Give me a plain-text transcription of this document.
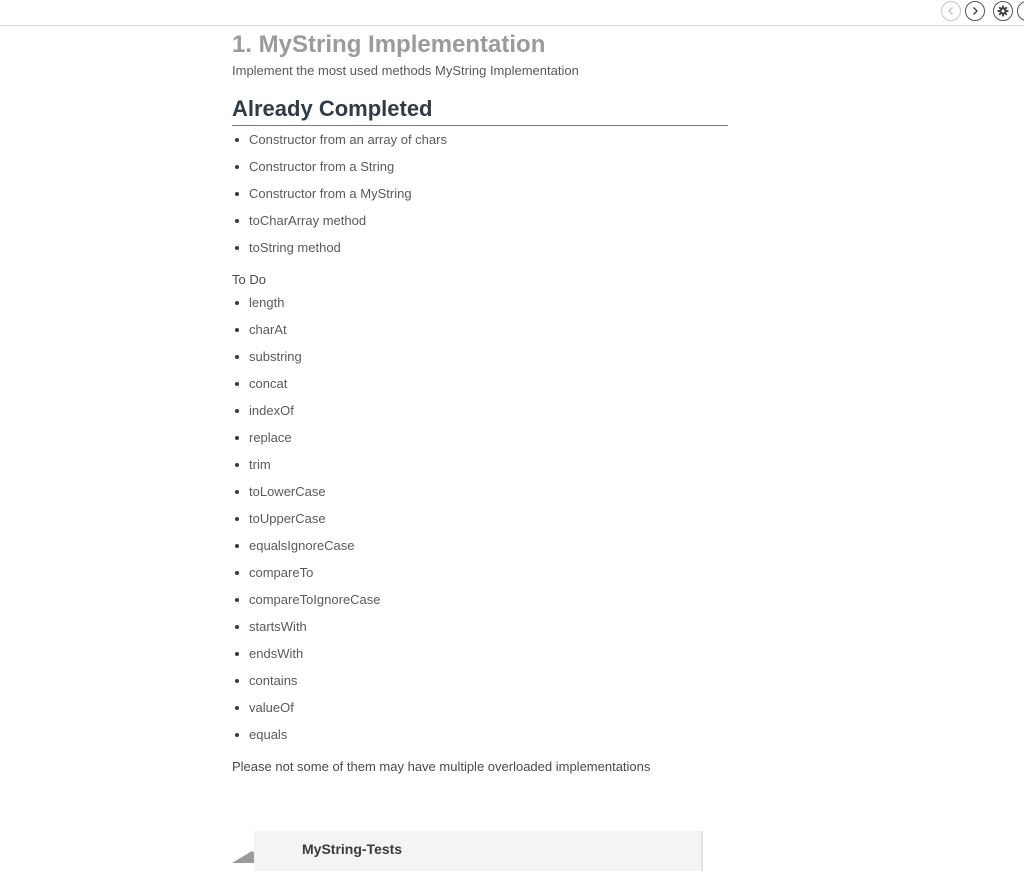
1. MyString Implementation

Implement the most used methods MyString Implementation

Already Completed
Constructor from an array of chars
Constructor from a String
Constructor from a MyString
toCharArray method
toString method

To Do

length
charAt
substring
concat
indexOf
replace
trim
toLowerCase
toUpperCase
equalsIgnoreCase
compareTo
compareToIgnoreCase
startsWith
endsWith
contains
valueOf
equals

Please not some of them may have multiple overloaded implementations

MyString-Tests
